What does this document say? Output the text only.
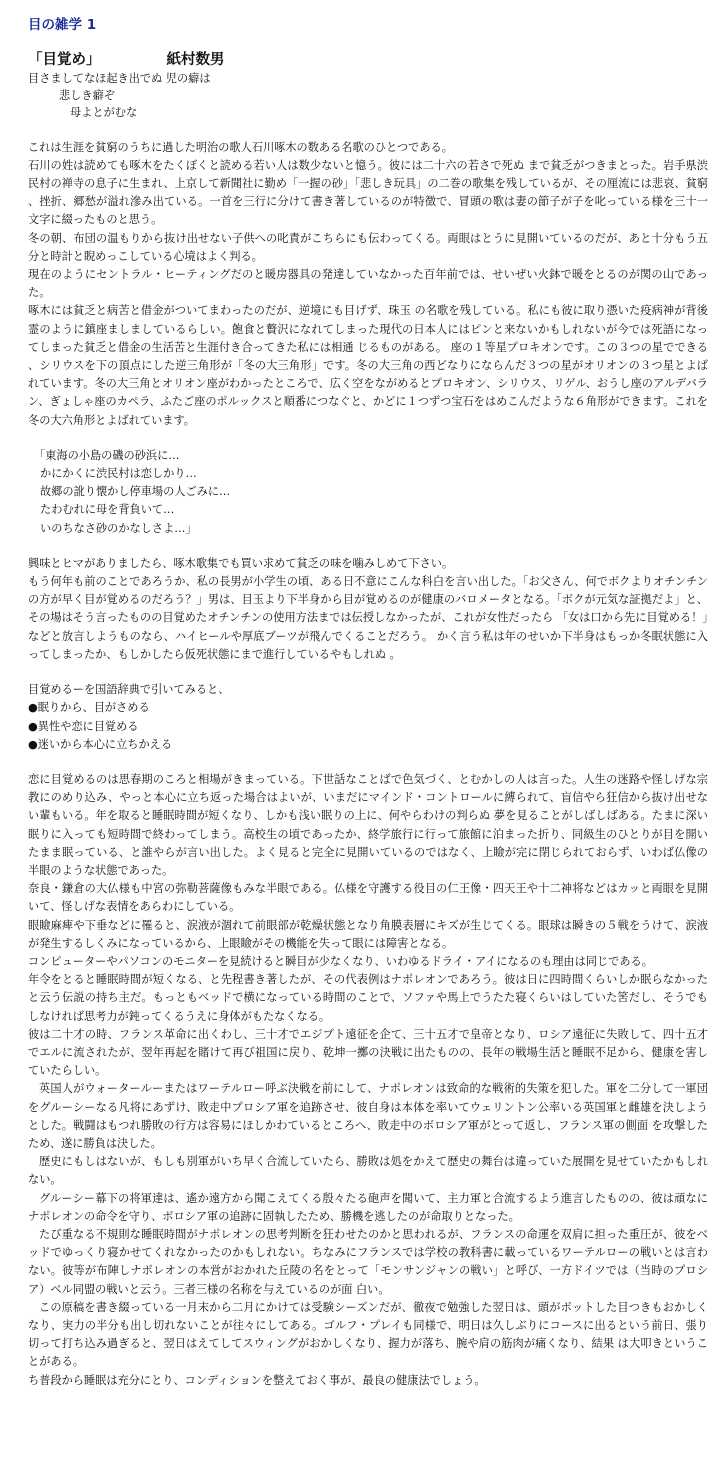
目の雑学 1

「目覚め」	紙村数男

目さましてなほ起き出でぬ 児の癖は

悲しき癖ぞ

母よとがむな

これは生涯を貧窮のうちに過した明治の歌人石川啄木の数ある名歌のひとつである。

石川の姓は読めても啄木をたくぼくと読める若い人は数少ないと憶う。彼には二十六の若さで死ぬ まで貧乏がつきまとった。岩手県渋民村の禅寺の息子に生まれ、上京して新聞社に勤め「一握の砂」「悲しき玩具」の二巻の歌集を残しているが、その厘流には悲哀、貧窮、挫折、郷愁が溢れ滲み出ている。一首を三行に分けて書き著しているのが特徴で、冒頭の歌は妻の節子が子を叱っている様を三十一文字に綴ったものと思う。

冬の朝、布団の温もりから抜け出せない子供への叱責がこちらにも伝わってくる。両眼はとうに見開いているのだが、あと十分もう五分と時計と睨めっこしている心境はよく判る。

現在のようにセントラル・ヒーティングだのと暖房器具の発達していなかった百年前では、せいぜい火鉢で暖をとるのが関の山であった。

啄木には貧乏と病苦と借金がついてまわったのだが、逆境にも目げず、珠玉 の名歌を残している。私にも彼に取り憑いた疫病神が背後霊のように鎮座ましましているらしい。飽食と贅沢になれてしまった現代の日本人にはピンと来ないかもしれないが今では死語になってしまった貧乏と借金の生活苦と生涯付き合ってきた私には相通 じるものがある。 座の１等星プロキオンです。この３つの星でできる、シリウスを下の頂点にした逆三角形が「冬の大三角形」です。冬の大三角の西どなりにならんだ３つの星がオリオンの３つ星とよばれています。冬の大三角とオリオン座がわかったところで、広く空をながめるとプロキオン、シリウス、リゲル、おうし座のアルデバラン、ぎょしゃ座のカペラ、ふたご座のポルックスと順番につなぐと、かどに１つずつ宝石をはめこんだような６角形ができます。これを冬の大六角形とよばれています。

「東海の小島の磯の砂浜に…

かにかくに渋民村は恋しかり…

故郷の訛り懐かし停車場の人ごみに…

たわむれに母を背負いて…

いのちなさ砂のかなしさよ…」

興味とヒマがありましたら、啄木歌集でも買い求めて貧乏の味を噛みしめて下さい。

もう何年も前のことであろうか、私の長男が小学生の頃、ある日不意にこんな科白を言い出した。「お父さん、何でボクよりオチンチンの方が早く目が覚めるのだろう？」男は、目玉より下半身から目が覚めるのが健康のバロメータとなる。「ボクが元気な証拠だよ」と、その場はそう言ったものの目覚めたオチンチンの使用方法までは伝授しなかったが、これが女性だったら 「女は口から先に目覚める！」 などと放言しようものなら、ハイヒールや厚底ブーツが飛んでくることだろう。 かく言う私は年のせいか下半身はもっか冬眠状態に入ってしまったか、もしかしたら仮死状態にまで進行しているやもしれぬ 。

目覚めるーを国語辞典で引いてみると、

●眠りから、目がさめる

●異性や恋に目覚める

●迷いから本心に立ちかえる

恋に目覚めるのは思春期のころと相場がきまっている。下世話なことばで色気づく、とむかしの人は言った。人生の迷路や怪しげな宗教にのめり込み、やっと本心に立ち返った場合はよいが、いまだにマインド・コントロールに縛られて、盲信やら狂信から抜け出せない輩もいる。年を取ると睡眠時間が短くなり、しかも浅い眠りの上に、何やらわけの判らぬ 夢を見ることがしばしばある。たまに深い眠りに入っても短時間で終わってしまう。高校生の頃であったか、終学旅行に行って旅館に泊まった折り、同級生のひとりが目を開いたまま眠っている、と誰やらが言い出した。よく見ると完全に見開いているのではなく、上瞼が完に閉じられておらず、いわば仏像の半眼のような状態であった。

奈良・鎌倉の大仏様も中宮の弥勒菩薩像もみな半眼である。仏様を守護する役目の仁王像・四天王や十二神将などはカッと両眼を見開いて、怪しげな表情をあらわにしている。

眼瞼麻痺や下垂などに罹ると、涙液が涸れて前眼部が乾燥状態となり角膜表層にキズが生じてくる。眼球は瞬きの５戦をうけて、涙液が発生するしくみになっているから、上眼瞼がその機能を失って眼には障害となる。

コンピューターやパソコンのモニターを見続けると瞬目が少なくなり、いわゆるドライ・アイになるのも理由は同じである。

年令をとると睡眠時間が短くなる、と先程書き著したが、その代表例はナポレオンであろう。彼は日に四時間くらいしか眠らなかったと云う伝説の持ち主だ。もっともベッドで横になっている時間のことで、ソファや馬上でうたた寝くらいはしていた筈だし、そうでもしなければ思考力が鈍ってくるうえに身体がもたなくなる。

彼は二十才の時、フランス革命に出くわし、三十才でエジプト遠征を企て、三十五才で皇帝となり、ロシア遠征に失敗して、四十五才でエルに流されたが、翌年再起を賭けて再び祖国に戻り、乾坤一擲の決戦に出たものの、長年の戦場生活と睡眠不足から、健康を害していたらしい。

英国人がウォータールーまたはワーテルロー呼ぶ決戦を前にして、ナポレオンは致命的な戦術的失策を犯した。軍を二分して一軍団をグルーシーなる凡将にあずけ、敗走中プロシア軍を追跡させ、彼自身は本体を率いてウェリントン公率いる英国軍と雌雄を決しようとした。戦闘はもつれ勝敗の行方は容易にほしかわているところへ、敗走中のボロシア軍がとって返し、フランス軍の側面 を攻撃したため、遂に勝負は決した。

歴史にもしはないが、もしも別軍がいち早く合流していたら、勝敗は処をかえて歴史の舞台は違っていた展開を見せていたかもしれない。

グルーシー幕下の将軍達は、遙か遠方から聞こえてくる殷々たる砲声を聞いて、主力軍と合流するよう進言したものの、彼は頑なにナポレオンの命令を守り、ボロシア軍の追跡に固執したため、勝機を逃したのが命取りとなった。

たび重なる不規則な睡眠時間がナポレオンの思考判断を狂わせたのかと思われるが、フランスの命運を双肩に担った重圧が、彼をベッドでゆっくり寝かせてくれなかったのかもしれない。ちなみにフランスでは学校の教科書に載っているワーテルローの戦いとは言わない。彼等が布陣しナポレオンの本営がおかれた丘陵の名をとって「モンサンジャンの戦い」と呼び、一方ドイツでは（当時のプロシア）ベル同盟の戦いと云う。三者三様の名称を与えているのが面 白い。

この原稿を書き綴っている一月末から二月にかけては受験シーズンだが、徹夜で勉強した翌日は、頭がボットした目つきもおかしくなり、実力の半分も出し切れないことが往々にしてある。ゴルフ・プレイも同様で、明日は久しぶりにコースに出るという前日、張り切って打ち込み過ぎると、翌日はえてしてスウィングがおかしくなり、握力が落ち、腕や肩の筋肉が痛くなり、結果 は大叩きということがある。

ち普段から睡眠は充分にとり、コンディションを整えておく事が、最良の健康法でしょう。
